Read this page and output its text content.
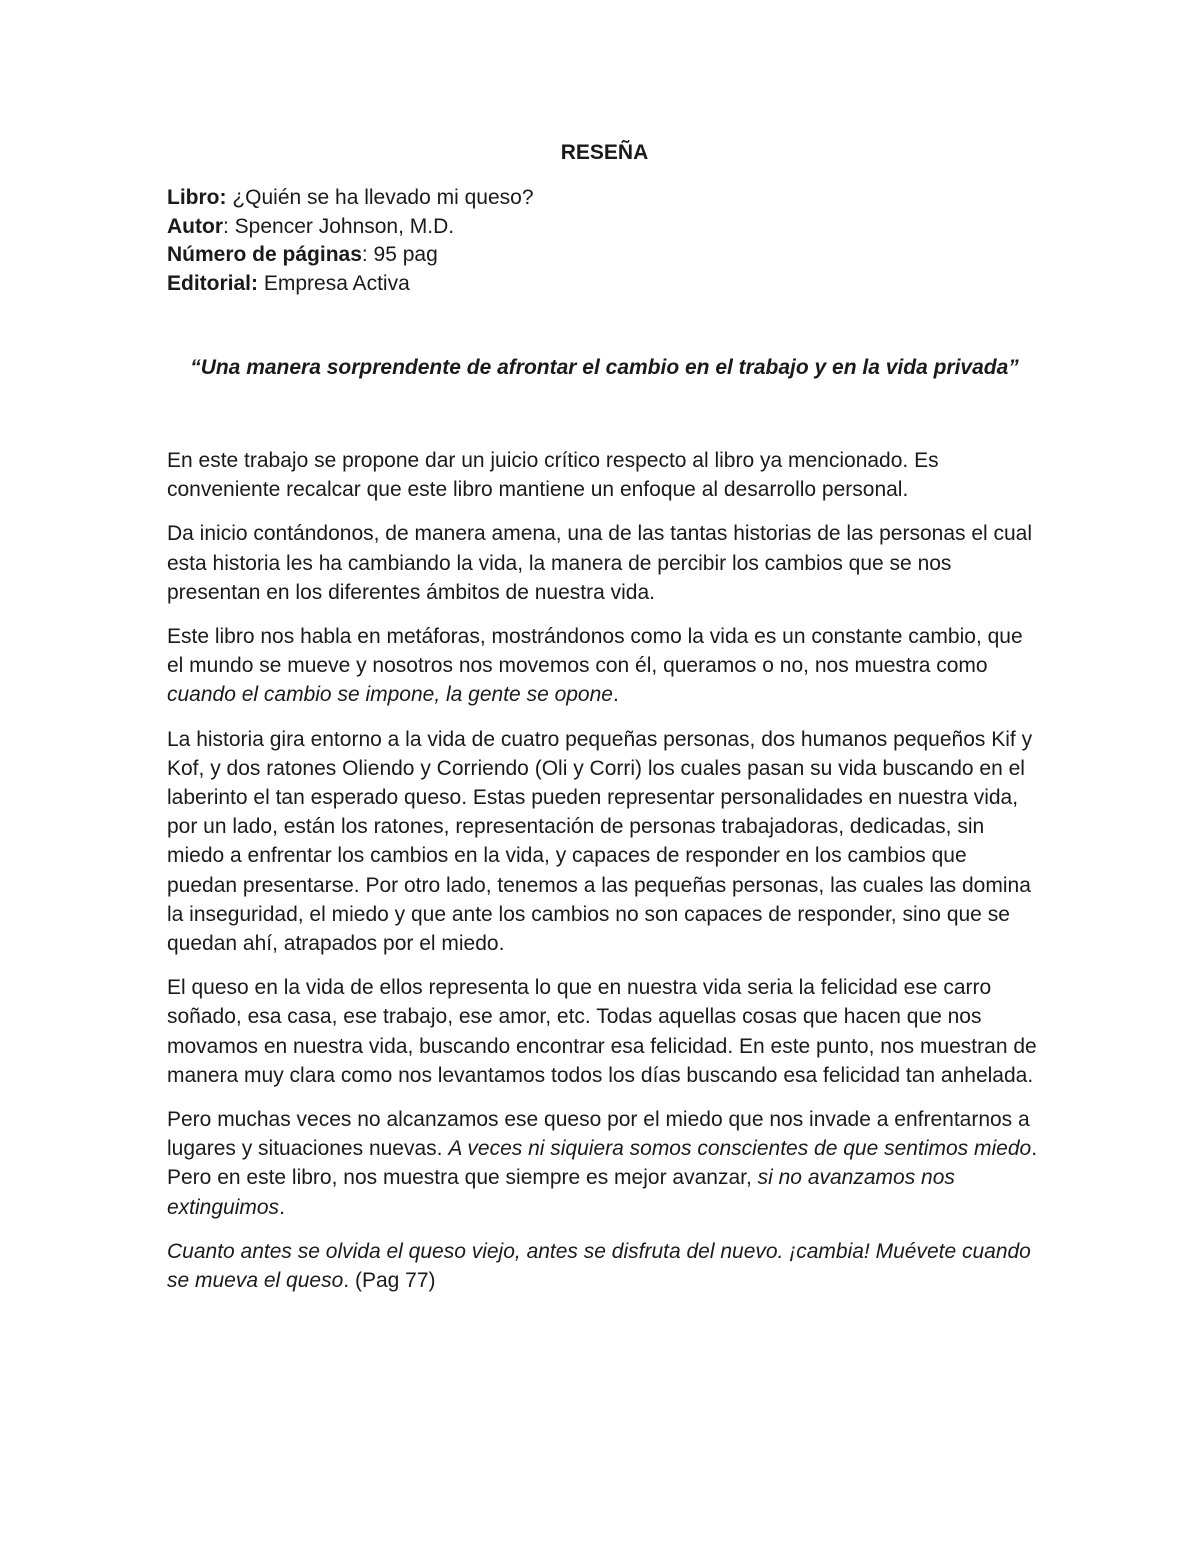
RESEÑA

Libro: ¿Quién se ha llevado mi queso?

Autor: Spencer Johnson, M.D.

Número de páginas: 95 pag

Editorial: Empresa Activa

“Una manera sorprendente de afrontar el cambio en el trabajo y en la vida privada”

En este trabajo se propone dar un juicio crítico respecto al libro ya mencionado. Es conveniente recalcar que este libro mantiene un enfoque al desarrollo personal.

Da inicio contándonos, de manera amena, una de las tantas historias de las personas el cual esta historia les ha cambiando la vida, la manera de percibir los cambios que se nos presentan en los diferentes ámbitos de nuestra vida.

Este libro nos habla en metáforas, mostrándonos como la vida es un constante cambio, que el mundo se mueve y nosotros nos movemos con él, queramos o no, nos muestra como cuando el cambio se impone, la gente se opone.

La historia gira entorno a la vida de cuatro pequeñas personas, dos humanos pequeños Kif y Kof, y dos ratones Oliendo y Corriendo (Oli y Corri) los cuales pasan su vida buscando en el laberinto el tan esperado queso. Estas pueden representar personalidades en nuestra vida, por un lado, están los ratones, representación de personas trabajadoras, dedicadas, sin miedo a enfrentar los cambios en la vida, y capaces de responder en los cambios que puedan presentarse. Por otro lado, tenemos a las pequeñas personas, las cuales las domina la inseguridad, el miedo y que ante los cambios no son capaces de responder, sino que se quedan ahí, atrapados por el miedo.

El queso en la vida de ellos representa lo que en nuestra vida seria la felicidad ese carro soñado, esa casa, ese trabajo, ese amor, etc. Todas aquellas cosas que hacen que nos movamos en nuestra vida, buscando encontrar esa felicidad. En este punto, nos muestran de manera muy clara como nos levantamos todos los días buscando esa felicidad tan anhelada.

Pero muchas veces no alcanzamos ese queso por el miedo que nos invade a enfrentarnos a lugares y situaciones nuevas. A veces ni siquiera somos conscientes de que sentimos miedo. Pero en este libro, nos muestra que siempre es mejor avanzar, si no avanzamos nos extinguimos.

Cuanto antes se olvida el queso viejo, antes se disfruta del nuevo. ¡cambia! Muévete cuando se mueva el queso. (Pag 77)
